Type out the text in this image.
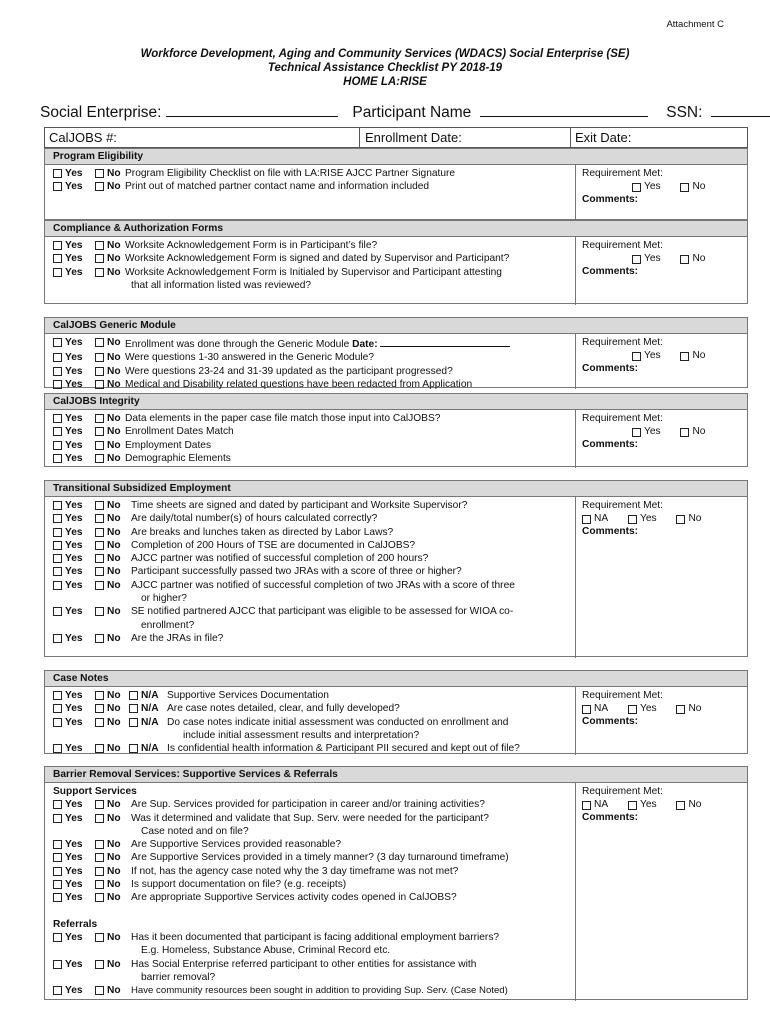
Attachment C
Workforce Development, Aging and Community Services (WDACS) Social Enterprise (SE)
Technical Assistance Checklist PY 2018-19
HOME LA:RISE
Social Enterprise:	Participant Name	SSN:
CalJOBS #:	Enrollment Date:	Exit Date:
Program Eligibility
Yes	No Program Eligibility Checklist on file with LA:RISE AJCC Partner Signature
Yes	No Print out of matched partner contact name and information included
Requirement Met:
Yes	No
Comments:
Compliance & Authorization Forms
Yes	No Worksite Acknowledgement Form is in Participant’s file?
Yes	No Worksite Acknowledgement Form is signed and dated by Supervisor and Participant?
Yes	No Worksite Acknowledgement Form is Initialed by Supervisor and Participant attesting
that all information listed was reviewed?
Requirement Met:
Yes	No
Comments:
CalJOBS Generic Module
Yes	No Enrollment was done through the Generic Module Date:
Yes	No Were questions 1-30 answered in the Generic Module?
Yes	No Were questions 23-24 and 31-39 updated as the participant progressed?
Yes	No Medical and Disability related questions have been redacted from Application
Requirement Met:
Yes	No
Comments:
CalJOBS Integrity
Yes	No Data elements in the paper case file match those input into CalJOBS?
Yes	No Enrollment Dates Match
Yes	No Employment Dates
Yes	No Demographic Elements
Requirement Met:
Yes	No
Comments:
Transitional Subsidized Employment
Yes	No	Time sheets are signed and dated by participant and Worksite Supervisor?
Yes	No	Are daily/total number(s) of hours calculated correctly?
Yes	No	Are breaks and lunches taken as directed by Labor Laws?
Yes	No	Completion of 200 Hours of TSE are documented in CalJOBS?
Yes	No	AJCC partner was notified of successful completion of 200 hours?
Yes	No	Participant successfully passed two JRAs with a score of three or higher?
Yes	No	AJCC partner was notified of successful completion of two JRAs with a score of three
or higher?
Yes	No	SE notified partnered AJCC that participant was eligible to be assessed for WIOA co-
enrollment?
Yes	No	Are the JRAs in file?
Requirement Met:
NA	Yes	No
Comments:
Case Notes
Yes	No	N/A Supportive Services Documentation
Yes	No	N/A Are case notes detailed, clear, and fully developed?
Yes	No	N/A Do case notes indicate initial assessment was conducted on enrollment and
include initial assessment results and interpretation?
Yes	No	N/A Is confidential health information & Participant PII secured and kept out of file?
Requirement Met:
NA	Yes	No
Comments:
Barrier Removal Services: Supportive Services & Referrals
Support Services
Yes	No	Are Sup. Services provided for participation in career and/or training activities?
Yes	No	Was it determined and validate that Sup. Serv. were needed for the participant?
Case noted and on file?
Yes	No	Are Supportive Services provided reasonable?
Yes	No	Are Supportive Services provided in a timely manner? (3 day turnaround timeframe)
Yes	No	If not, has the agency case noted why the 3 day timeframe was not met?
Yes	No	Is support documentation on file? (e.g. receipts)
Yes	No	Are appropriate Supportive Services activity codes opened in CalJOBS?
Referrals
Yes	No	Has it been documented that participant is facing additional employment barriers?
E.g. Homeless, Substance Abuse, Criminal Record etc.
Yes	No	Has Social Enterprise referred participant to other entities for assistance with
barrier removal?
Yes	No	Have community resources been sought in addition to providing Sup. Serv. (Case Noted)
Requirement Met:
NA	Yes	No
Comments:
